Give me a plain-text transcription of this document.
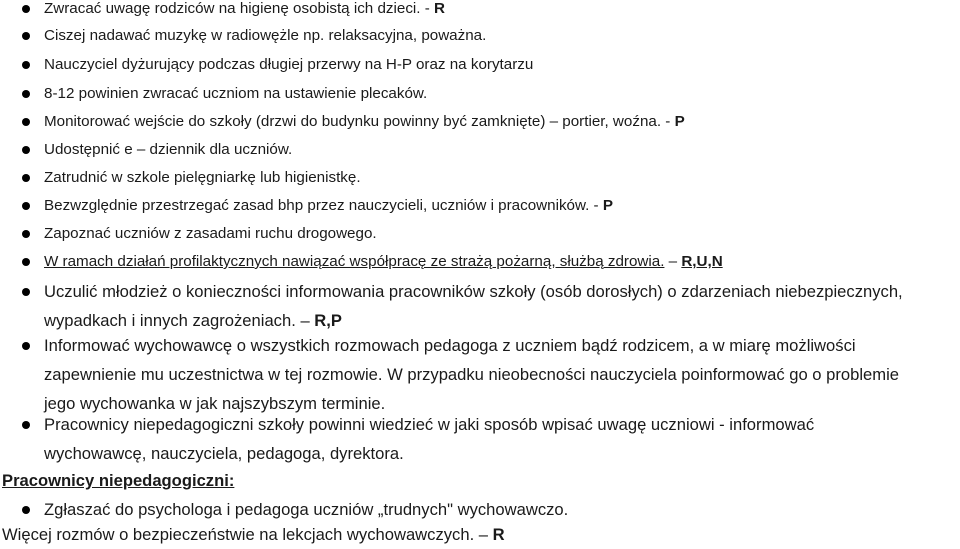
Zwracać uwagę rodziców na higienę osobistą ich dzieci. - R
Ciszej nadawać muzykę w radiowężle np. relaksacyjna, poważna.
Nauczyciel dyżurujący podczas długiej przerwy na H-P oraz na korytarzu
8-12 powinien zwracać uczniom na ustawienie plecaków.
Monitorować wejście do szkoły (drzwi do budynku powinny być zamknięte) – portier, woźna. - P
Udostępnić e – dziennik dla uczniów.
Zatrudnić w szkole pielęgniarkę lub higienistkę.
Bezwzględnie przestrzegać zasad bhp przez nauczycieli, uczniów i pracowników. - P
Zapoznać uczniów z zasadami ruchu drogowego.
W ramach działań profilaktycznych nawiązać współpracę ze strażą pożarną, służbą zdrowia. – R,U,N
Uczulić młodzież o konieczności informowania pracowników szkoły (osób dorosłych) o zdarzeniach niebezpiecznych,
wypadkach i innych zagrożeniach. – R,P
Informować wychowawcę o wszystkich rozmowach pedagoga z uczniem bądź rodzicem, a w miarę możliwości
zapewnienie mu uczestnictwa w tej rozmowie. W przypadku nieobecności nauczyciela poinformować go o problemie
jego wychowanka w jak najszybszym terminie.
Pracownicy niepedagogiczni szkoły powinni wiedzieć w jaki sposób wpisać uwagę uczniowi - informować
wychowawcę, nauczyciela, pedagoga, dyrektora.
Pracownicy niepedagogiczni:
Zgłaszać do psychologa i pedagoga uczniów „trudnych" wychowawczo.
Więcej rozmów o bezpieczeństwie na lekcjach wychowawczych. – R
